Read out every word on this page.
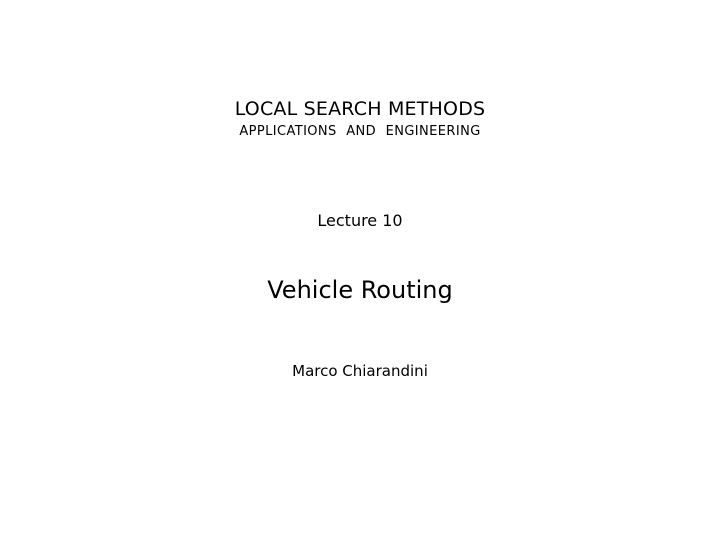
LOCAL SEARCH METHODS
APPLICATIONS AND ENGINEERING
Lecture 10
Vehicle Routing
Marco Chiarandini
